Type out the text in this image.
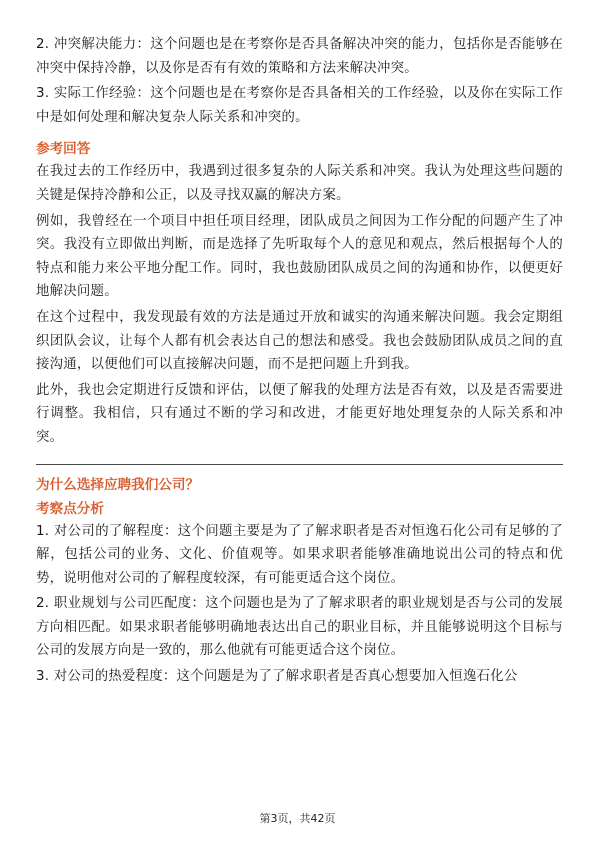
2. 冲突解决能力：这个问题也是在考察你是否具备解决冲突的能力，包括你是否能够在冲突中保持冷静，以及你是否有有效的策略和方法来解决冲突。

3. 实际工作经验：这个问题也是在考察你是否具备相关的工作经验，以及你在实际工作中是如何处理和解决复杂人际关系和冲突的。

参考回答

在我过去的工作经历中，我遇到过很多复杂的人际关系和冲突。我认为处理这些问题的关键是保持冷静和公正，以及寻找双赢的解决方案。

例如，我曾经在一个项目中担任项目经理，团队成员之间因为工作分配的问题产生了冲突。我没有立即做出判断，而是选择了先听取每个人的意见和观点，然后根据每个人的特点和能力来公平地分配工作。同时，我也鼓励团队成员之间的沟通和协作，以便更好地解决问题。

在这个过程中，我发现最有效的方法是通过开放和诚实的沟通来解决问题。我会定期组织团队会议，让每个人都有机会表达自己的想法和感受。我也会鼓励团队成员之间的直接沟通，以便他们可以直接解决问题，而不是把问题上升到我。

此外，我也会定期进行反馈和评估，以便了解我的处理方法是否有效，以及是否需要进行调整。我相信，只有通过不断的学习和改进，才能更好地处理复杂的人际关系和冲突。

为什么选择应聘我们公司？

考察点分析

1. 对公司的了解程度：这个问题主要是为了了解求职者是否对恒逸石化公司有足够的了解，包括公司的业务、文化、价值观等。如果求职者能够准确地说出公司的特点和优势，说明他对公司的了解程度较深，有可能更适合这个岗位。

2. 职业规划与公司匹配度：这个问题也是为了了解求职者的职业规划是否与公司的发展方向相匹配。如果求职者能够明确地表达出自己的职业目标，并且能够说明这个目标与公司的发展方向是一致的，那么他就有可能更适合这个岗位。

3. 对公司的热爱程度：这个问题是为了了解求职者是否真心想要加入恒逸石化公

第3页，共42页
